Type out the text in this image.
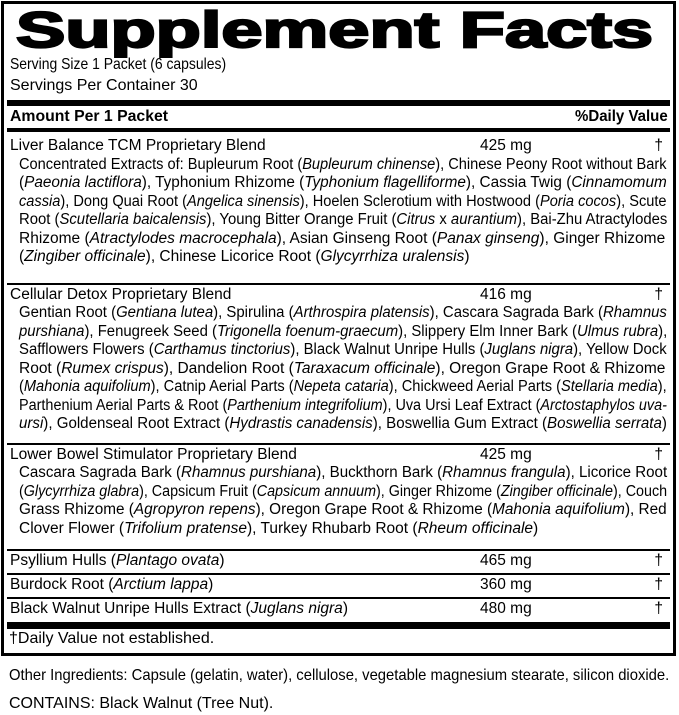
Supplement Facts
Serving Size 1 Packet (6 capsules)
Servings Per Container 30
Amount Per 1 Packet	%Daily Value
Liver Balance TCM Proprietary Blend	425 mg	†
Concentrated Extracts of: Bupleurum Root (Bupleurum chinense), Chinese Peony Root without Bark
(Paeonia lactiflora), Typhonium Rhizome (Typhonium flagelliforme), Cassia Twig (Cinnamomum
cassia), Dong Quai Root (Angelica sinensis), Hoelen Sclerotium with Hostwood (Poria cocos), Scute
Root (Scutellaria baicalensis), Young Bitter Orange Fruit (Citrus x aurantium), Bai-Zhu Atractylodes
Rhizome (Atractylodes macrocephala), Asian Ginseng Root (Panax ginseng), Ginger Rhizome
(Zingiber officinale), Chinese Licorice Root (Glycyrrhiza uralensis)
Cellular Detox Proprietary Blend	416 mg	†
Gentian Root (Gentiana lutea), Spirulina (Arthrospira platensis), Cascara Sagrada Bark (Rhamnus
purshiana), Fenugreek Seed (Trigonella foenum-graecum), Slippery Elm Inner Bark (Ulmus rubra),
Safflowers Flowers (Carthamus tinctorius), Black Walnut Unripe Hulls (Juglans nigra), Yellow Dock
Root (Rumex crispus), Dandelion Root (Taraxacum officinale), Oregon Grape Root & Rhizome
(Mahonia aquifolium), Catnip Aerial Parts (Nepeta cataria), Chickweed Aerial Parts (Stellaria media),
Parthenium Aerial Parts & Root (Parthenium integrifolium), Uva Ursi Leaf Extract (Arctostaphylos uva-
ursi), Goldenseal Root Extract (Hydrastis canadensis), Boswellia Gum Extract (Boswellia serrata)
Lower Bowel Stimulator Proprietary Blend	425 mg	†
Cascara Sagrada Bark (Rhamnus purshiana), Buckthorn Bark (Rhamnus frangula), Licorice Root
(Glycyrrhiza glabra), Capsicum Fruit (Capsicum annuum), Ginger Rhizome (Zingiber officinale), Couch
Grass Rhizome (Agropyron repens), Oregon Grape Root & Rhizome (Mahonia aquifolium), Red
Clover Flower (Trifolium pratense), Turkey Rhubarb Root (Rheum officinale)
Psyllium Hulls (Plantago ovata)	465 mg	†
Burdock Root (Arctium lappa)	360 mg	†
Black Walnut Unripe Hulls Extract (Juglans nigra)	480 mg	†
†Daily Value not established.
Other Ingredients: Capsule (gelatin, water), cellulose, vegetable magnesium stearate, silicon dioxide.
CONTAINS: Black Walnut (Tree Nut).
